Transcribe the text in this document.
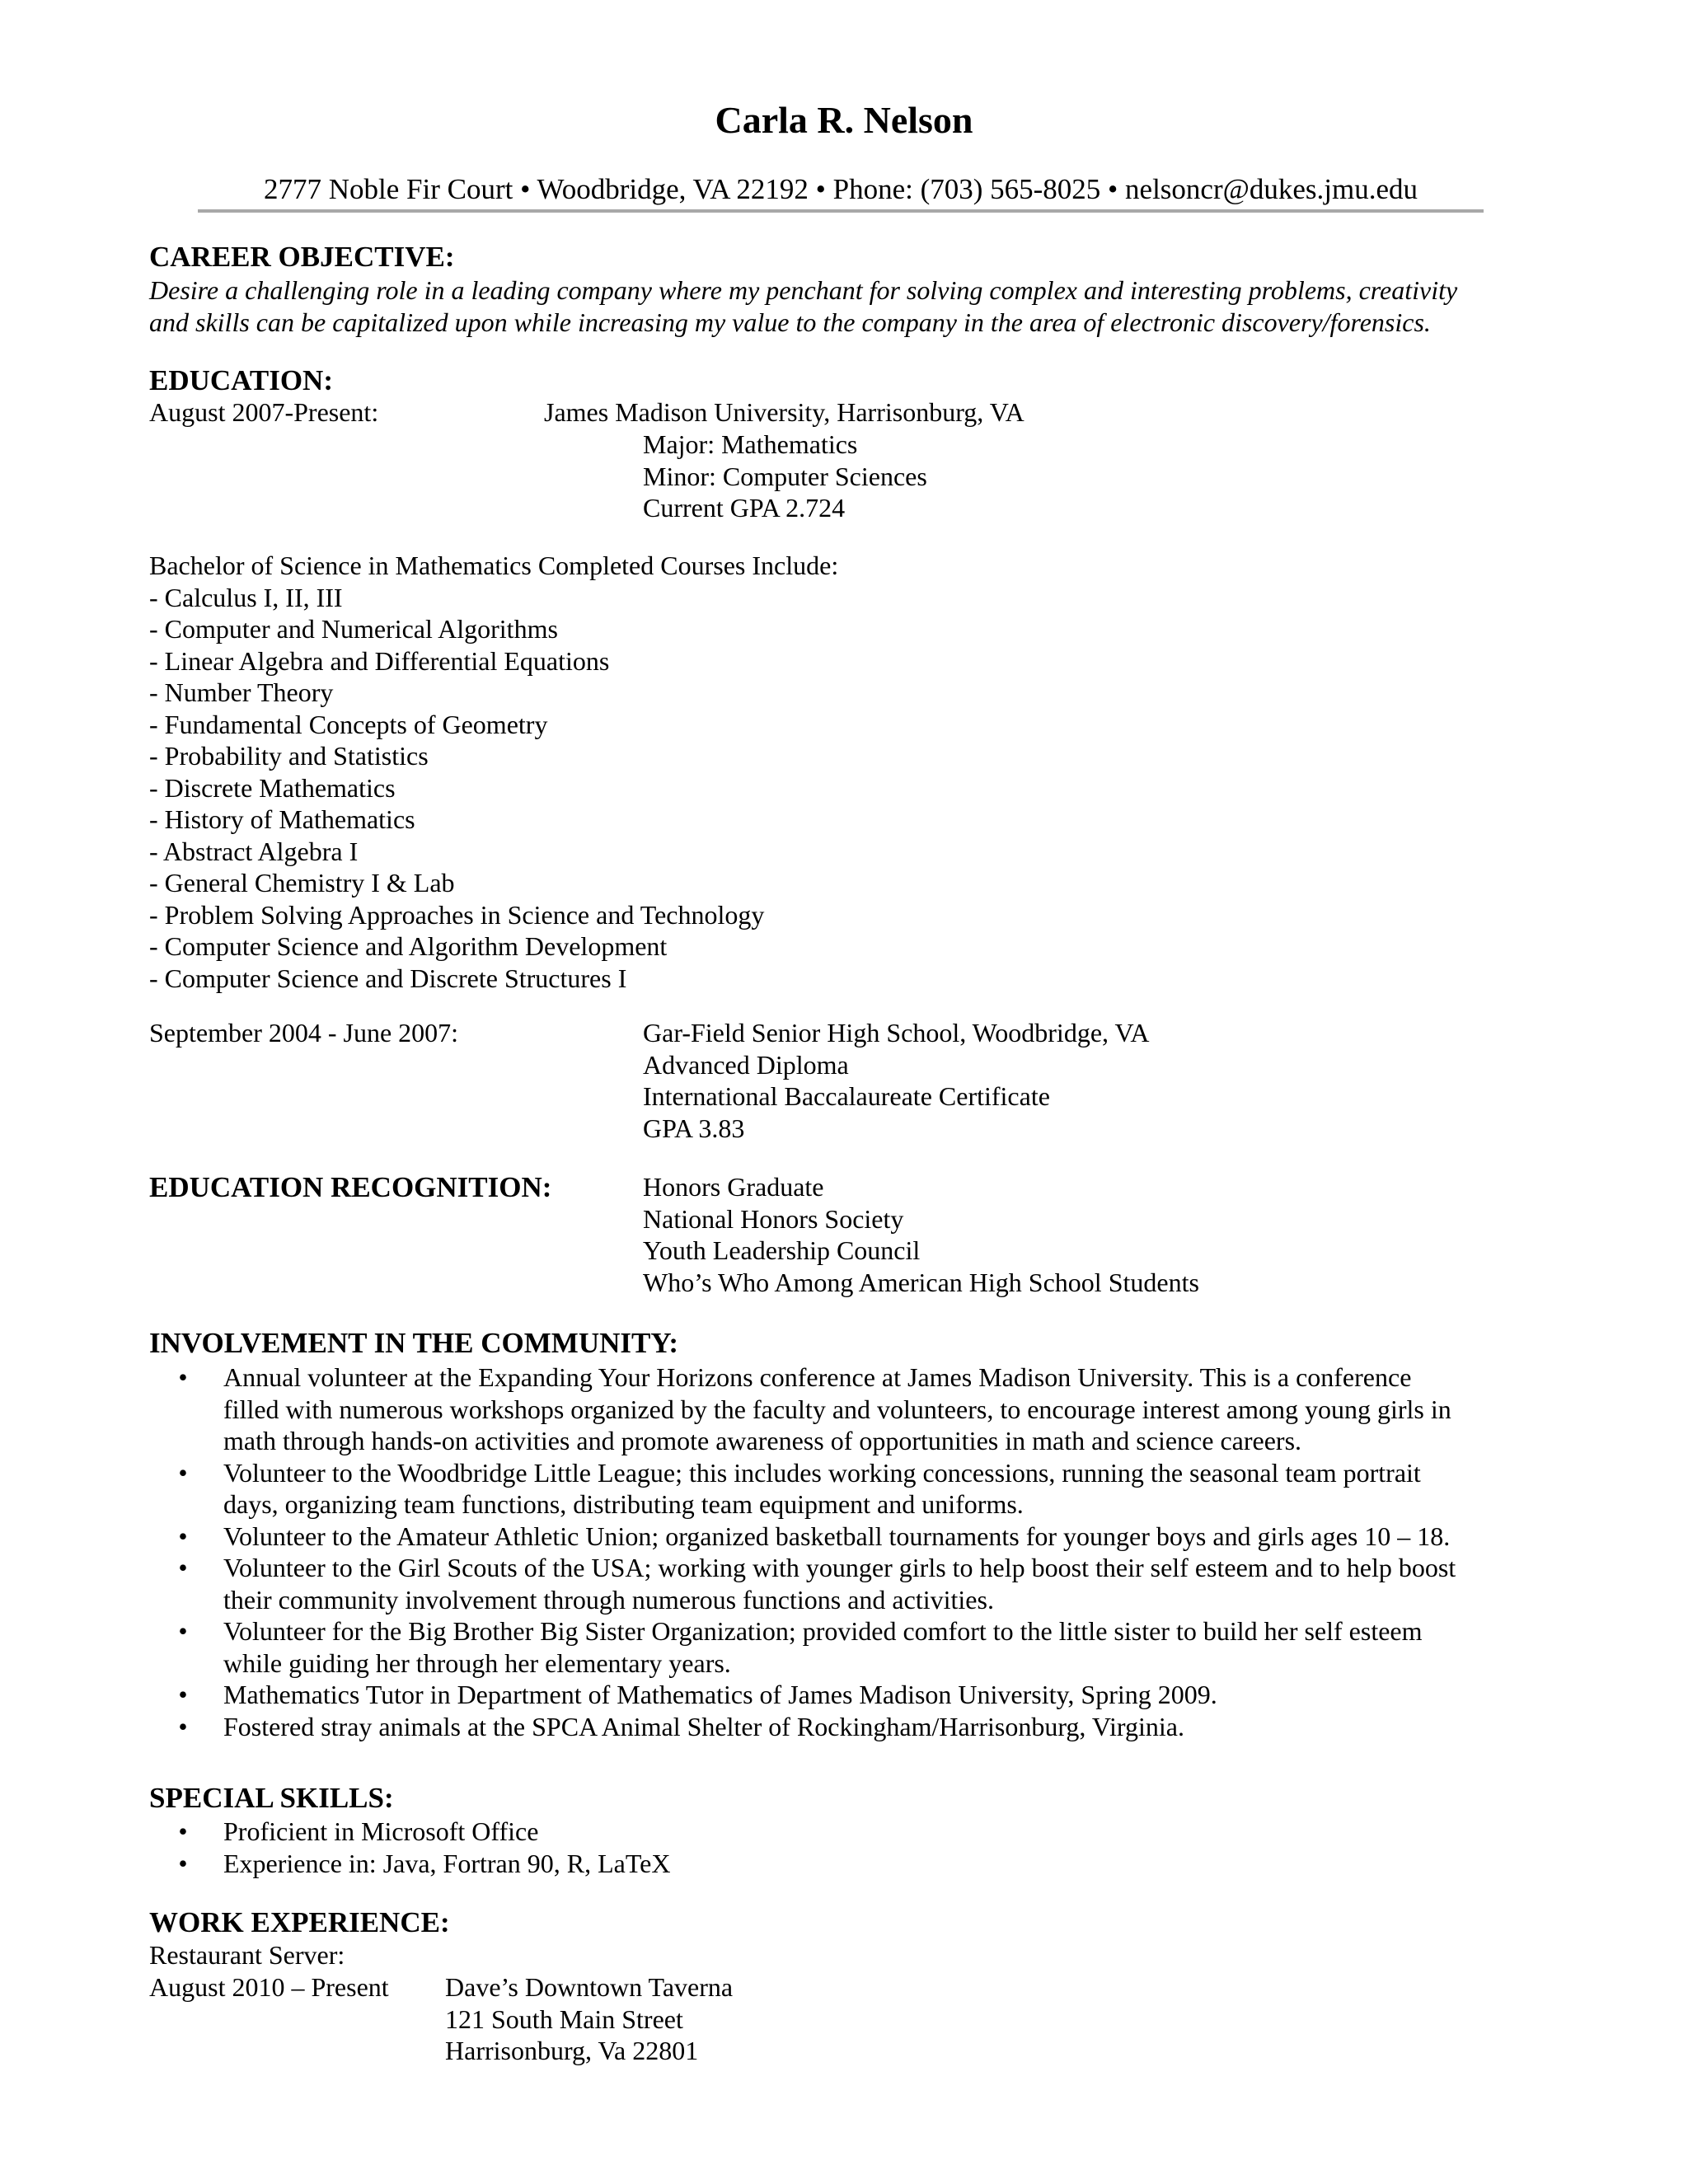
Carla R. Nelson
2777 Noble Fir Court • Woodbridge, VA 22192 • Phone: (703) 565-8025 • nelsoncr@dukes.jmu.edu
CAREER OBJECTIVE:
Desire a challenging role in a leading company where my penchant for solving complex and interesting problems, creativity
and skills can be capitalized upon while increasing my value to the company in the area of electronic discovery/forensics.
EDUCATION:
August 2007-Present:	James Madison University, Harrisonburg, VA
Major: Mathematics
Minor: Computer Sciences
Current GPA 2.724
Bachelor of Science in Mathematics Completed Courses Include:
- Calculus I, II, III
- Computer and Numerical Algorithms
- Linear Algebra and Differential Equations
- Number Theory
- Fundamental Concepts of Geometry
- Probability and Statistics
- Discrete Mathematics
- History of Mathematics
- Abstract Algebra I
- General Chemistry I & Lab
- Problem Solving Approaches in Science and Technology
- Computer Science and Algorithm Development
- Computer Science and Discrete Structures I
September 2004 - June 2007:	Gar-Field Senior High School, Woodbridge, VA
Advanced Diploma
International Baccalaureate Certificate
GPA 3.83
EDUCATION RECOGNITION:	Honors Graduate
National Honors Society
Youth Leadership Council
Who’s Who Among American High School Students
INVOLVEMENT IN THE COMMUNITY:
• Annual volunteer at the Expanding Your Horizons conference at James Madison University. This is a conference
filled with numerous workshops organized by the faculty and volunteers, to encourage interest among young girls in
math through hands-on activities and promote awareness of opportunities in math and science careers.
• Volunteer to the Woodbridge Little League; this includes working concessions, running the seasonal team portrait
days, organizing team functions, distributing team equipment and uniforms.
• Volunteer to the Amateur Athletic Union; organized basketball tournaments for younger boys and girls ages 10 – 18.
• Volunteer to the Girl Scouts of the USA; working with younger girls to help boost their self esteem and to help boost
their community involvement through numerous functions and activities.
• Volunteer for the Big Brother Big Sister Organization; provided comfort to the little sister to build her self esteem
while guiding her through her elementary years.
• Mathematics Tutor in Department of Mathematics of James Madison University, Spring 2009.
• Fostered stray animals at the SPCA Animal Shelter of Rockingham/Harrisonburg, Virginia.
SPECIAL SKILLS:
• Proficient in Microsoft Office
• Experience in: Java, Fortran 90, R, LaTeX
WORK EXPERIENCE:
Restaurant Server:
August 2010 – Present Dave’s Downtown Taverna
121 South Main Street
Harrisonburg, Va 22801
